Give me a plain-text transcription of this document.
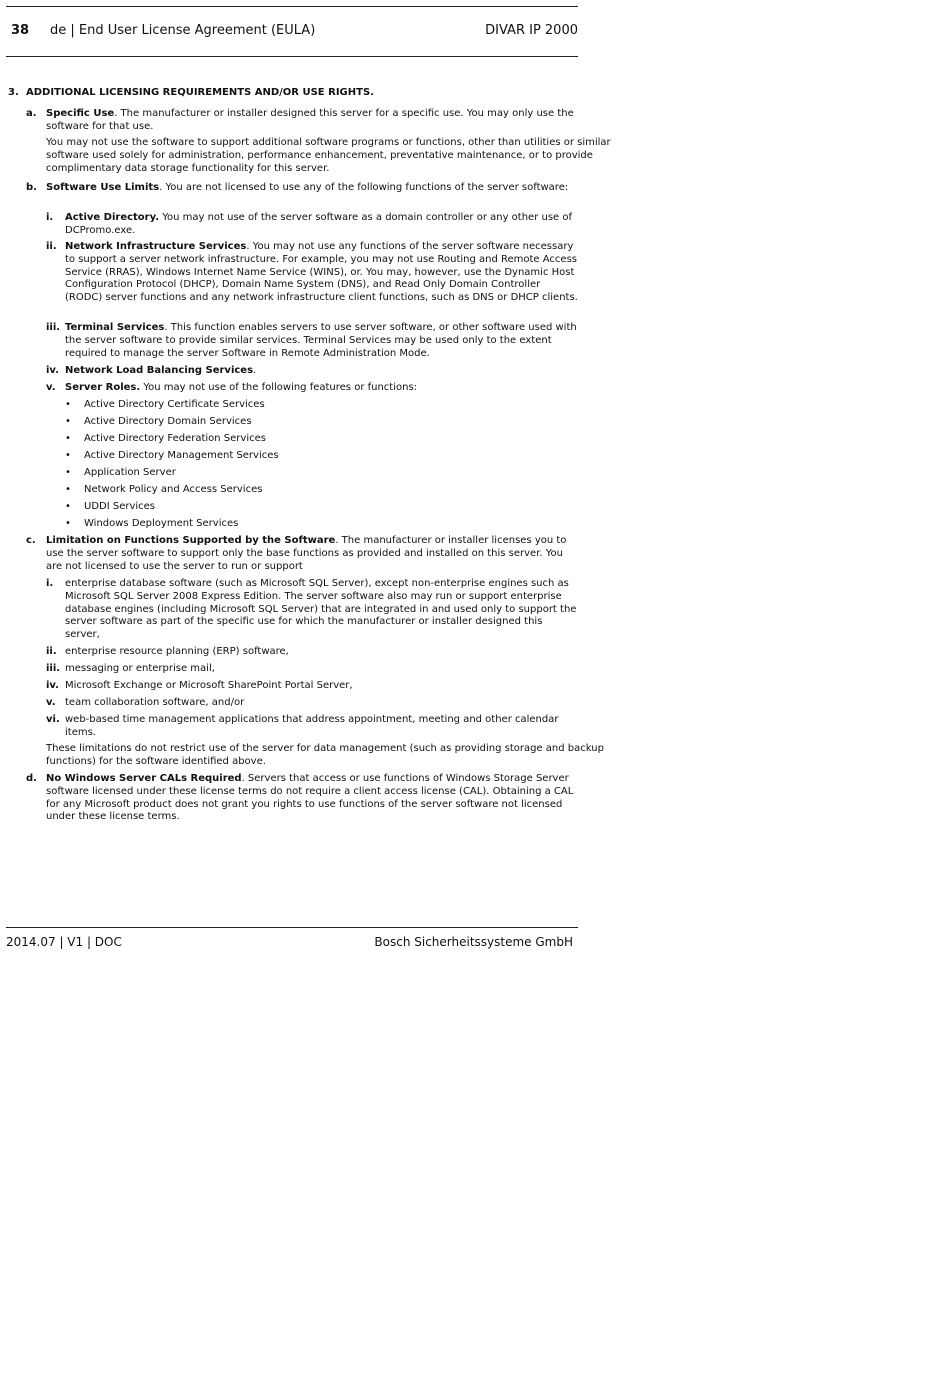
38 de | End User License Agreement (EULA)	DIVAR IP 2000
3. ADDITIONAL LICENSING REQUIREMENTS AND/OR USE RIGHTS.
a. Specific Use. The manufacturer or installer designed this server for a specific use. You may only use the software for that use.
You may not use the software to support additional software programs or functions, other than utilities or similar software used solely for administration, performance enhancement, preventative maintenance, or to provide complimentary data storage functionality for this server.
b. Software Use Limits. You are not licensed to use any of the following functions of the server software:
i.	Active Directory. You may not use of the server software as a domain controller or any other use of DCPromo.exe.
ii. Network Infrastructure Services. You may not use any functions of the server software necessary to support a server network infrastructure. For example, you may not use Routing and Remote Access Service (RRAS), Windows Internet Name Service (WINS), or. You may, however, use the Dynamic Host Configuration Protocol (DHCP), Domain Name System (DNS), and Read Only Domain Controller (RODC) server functions and any network infrastructure client functions, such as DNS or DHCP clients.
iii. Terminal Services. This function enables servers to use server software, or other software used with the server software to provide similar services. Terminal Services may be used only to the extent required to manage the server Software in Remote Administration Mode.
iv. Network Load Balancing Services.
v. Server Roles. You may not use of the following features or functions:
•	Active Directory Certificate Services
•	Active Directory Domain Services
•	Active Directory Federation Services
•	Active Directory Management Services
•	Application Server
•	Network Policy and Access Services
•	UDDI Services
•	Windows Deployment Services
c.	Limitation on Functions Supported by the Software. The manufacturer or installer licenses you to use the server software to support only the base functions as provided and installed on this server. You are not licensed to use the server to run or support
i.	enterprise database software (such as Microsoft SQL Server), except non-enterprise engines such as Microsoft SQL Server 2008 Express Edition. The server software also may run or support enterprise database engines (including Microsoft SQL Server) that are integrated in and used only to support the server software as part of the specific use for which the manufacturer or installer designed this server,
ii. enterprise resource planning (ERP) software,
iii. messaging or enterprise mail,
iv. Microsoft Exchange or Microsoft SharePoint Portal Server,
v. team collaboration software, and/or
vi. web-based time management applications that address appointment, meeting and other calendar items.
These limitations do not restrict use of the server for data management (such as providing storage and backup functions) for the software identified above.
d. No Windows Server CALs Required. Servers that access or use functions of Windows Storage Server software licensed under these license terms do not require a client access license (CAL). Obtaining a CAL for any Microsoft product does not grant you rights to use functions of the server software not licensed under these license terms.
2014.07 | V1 | DOC	Bosch Sicherheitssysteme GmbH
